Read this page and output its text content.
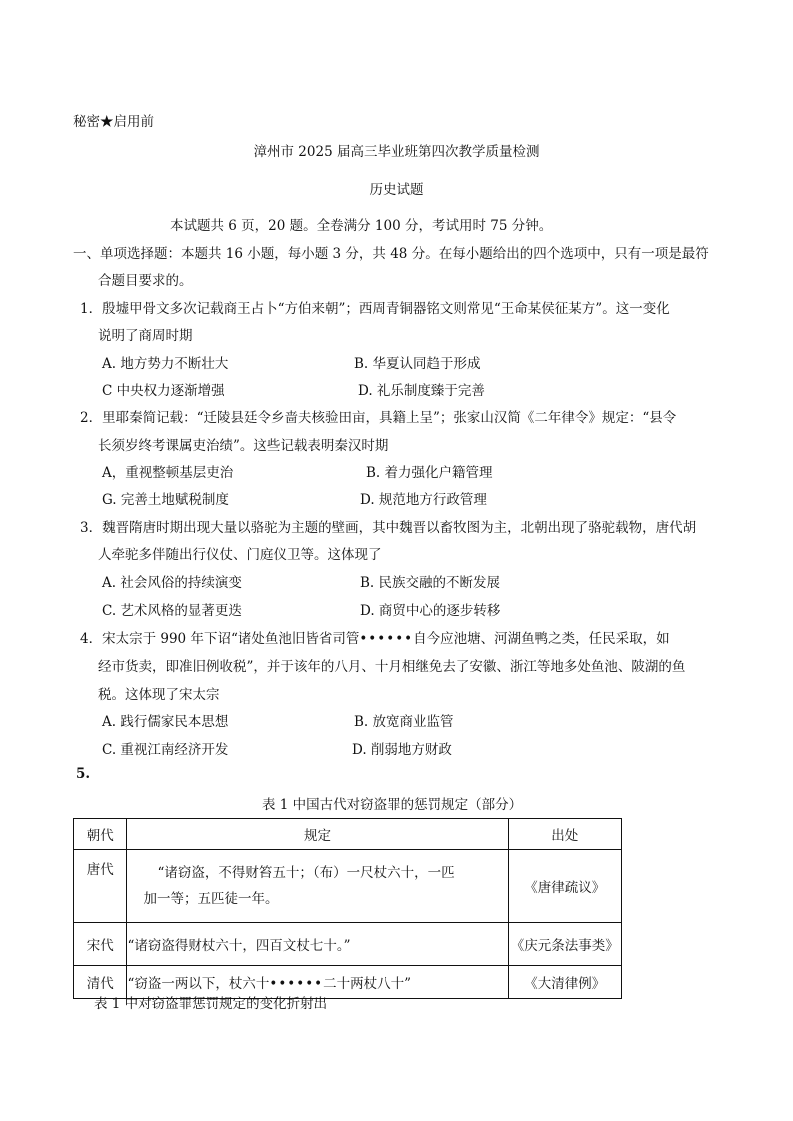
秘密★启用前
漳州市 2025 届高三毕业班第四次教学质量检测
历史试题
本试题共 6 页，20 题。全卷满分 100 分，考试用时 75 分钟。
一、单项选择题：本题共 16 小题，每小题 3 分，共 48 分。在每小题给出的四个选项中，只有一项是最符
合题目要求的。
1．殷墟甲骨文多次记载商王占卜“方伯来朝”；西周青铜器铭文则常见“王命某侯征某方”。这一变化
说明了商周时期
A. 地方势力不断壮大	B. 华夏认同趋于形成
C 中央权力逐渐增强	D. 礼乐制度臻于完善
2．里耶秦简记载：“迁陵县廷令乡啬夫核验田亩，具籍上呈”；张家山汉简《二年律令》规定：“县令
长须岁终考课属吏治绩”。这些记载表明秦汉时期
A，重视整顿基层吏治	B. 着力强化户籍管理
G. 完善土地赋税制度	D. 规范地方行政管理
3．魏晋隋唐时期出现大量以骆驼为主题的壁画，其中魏晋以畜牧图为主，北朝出现了骆驼载物，唐代胡
人牵驼多伴随出行仪仗、门庭仪卫等。这体现了
A. 社会风俗的持续演变	B. 民族交融的不断发展
C. 艺术风格的显著更迭	D. 商贸中心的逐步转移
4．宋太宗于 990 年下诏“诸处鱼池旧皆省司管••••••自今应池塘、河湖鱼鸭之类，任民采取，如
经市货卖，即准旧例收税”，并于该年的八月、十月相继免去了安徽、浙江等地多处鱼池、陂湖的鱼
税。这体现了宋太宗
A. 践行儒家民本思想	B. 放宽商业监管
C. 重视江南经济开发	D. 削弱地方财政
5.
表 1 中国古代对窃盗罪的惩罚规定（部分）
朝代	规定	出处
唐代	“诸窃盗，不得财笞五十；（布）一尺杖六十，一匹
加一等；五匹徒一年。	《唐律疏议》
宋代	“诸窃盗得财杖六十，四百文杖七十。”	《庆元条法事类》
清代	“窃盗一两以下，杖六十••••••二十两杖八十”	《大清律例》
表 1 中对窃盗罪惩罚规定的变化折射出
